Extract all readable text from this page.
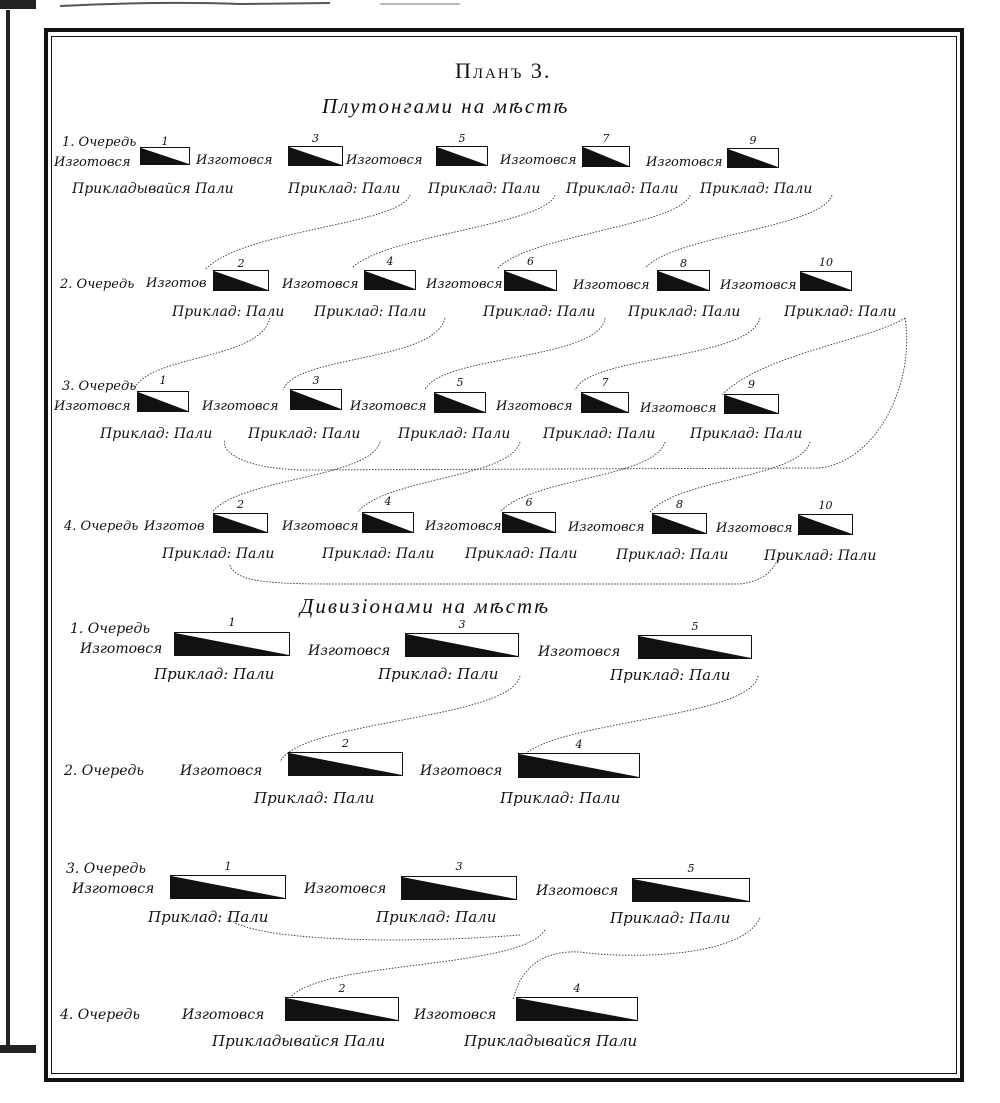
Планъ 3.
Плутонгами на мѣстѣ
Дивизіонами на мѣстѣ
1. Очередь
Изготовся
1
Изготовся
3
Изготовся
5
Изготовся
7
Изготовся
9
Прикладывайся Пали	Приклад: Пали Приклад: Пали Приклад: Пали Приклад: Пали
2. Очередь Изготов
2
Изготовся
4
Изготовся
6
Изготовся
8
Изготовся
10
Приклад: Пали Приклад: Пали	Приклад: Пали Приклад: Пали	Приклад: Пали
3. Очередь
Изготовся
1
Изготовся
3
Изготовся
5
Изготовся
7
Изготовся
9
Приклад: Пали	Приклад: Пали	Приклад: Пали Приклад: Пали Приклад: Пали
4. Очередь Изготов
2
Изготовся
4
Изготовся
6
Изготовся
8
Изготовся
10
Приклад: Пали	Приклад: Пали Приклад: Пали	Приклад: Пали	Приклад: Пали
1. Очередь
Изготовся
1
Изготовся
3
Изготовся
5
Приклад: Пали	Приклад: Пали	Приклад: Пали
2. Очередь	Изготовся
2
Изготовся
4
Приклад: Пали	Приклад: Пали
3. Очередь
Изготовся
1
Изготовся
3
Изготовся
5
Приклад: Пали	Приклад: Пали	Приклад: Пали
4. Очередь	Изготовся
2
Изготовся
4
Прикладывайся Пали	Прикладывайся Пали
